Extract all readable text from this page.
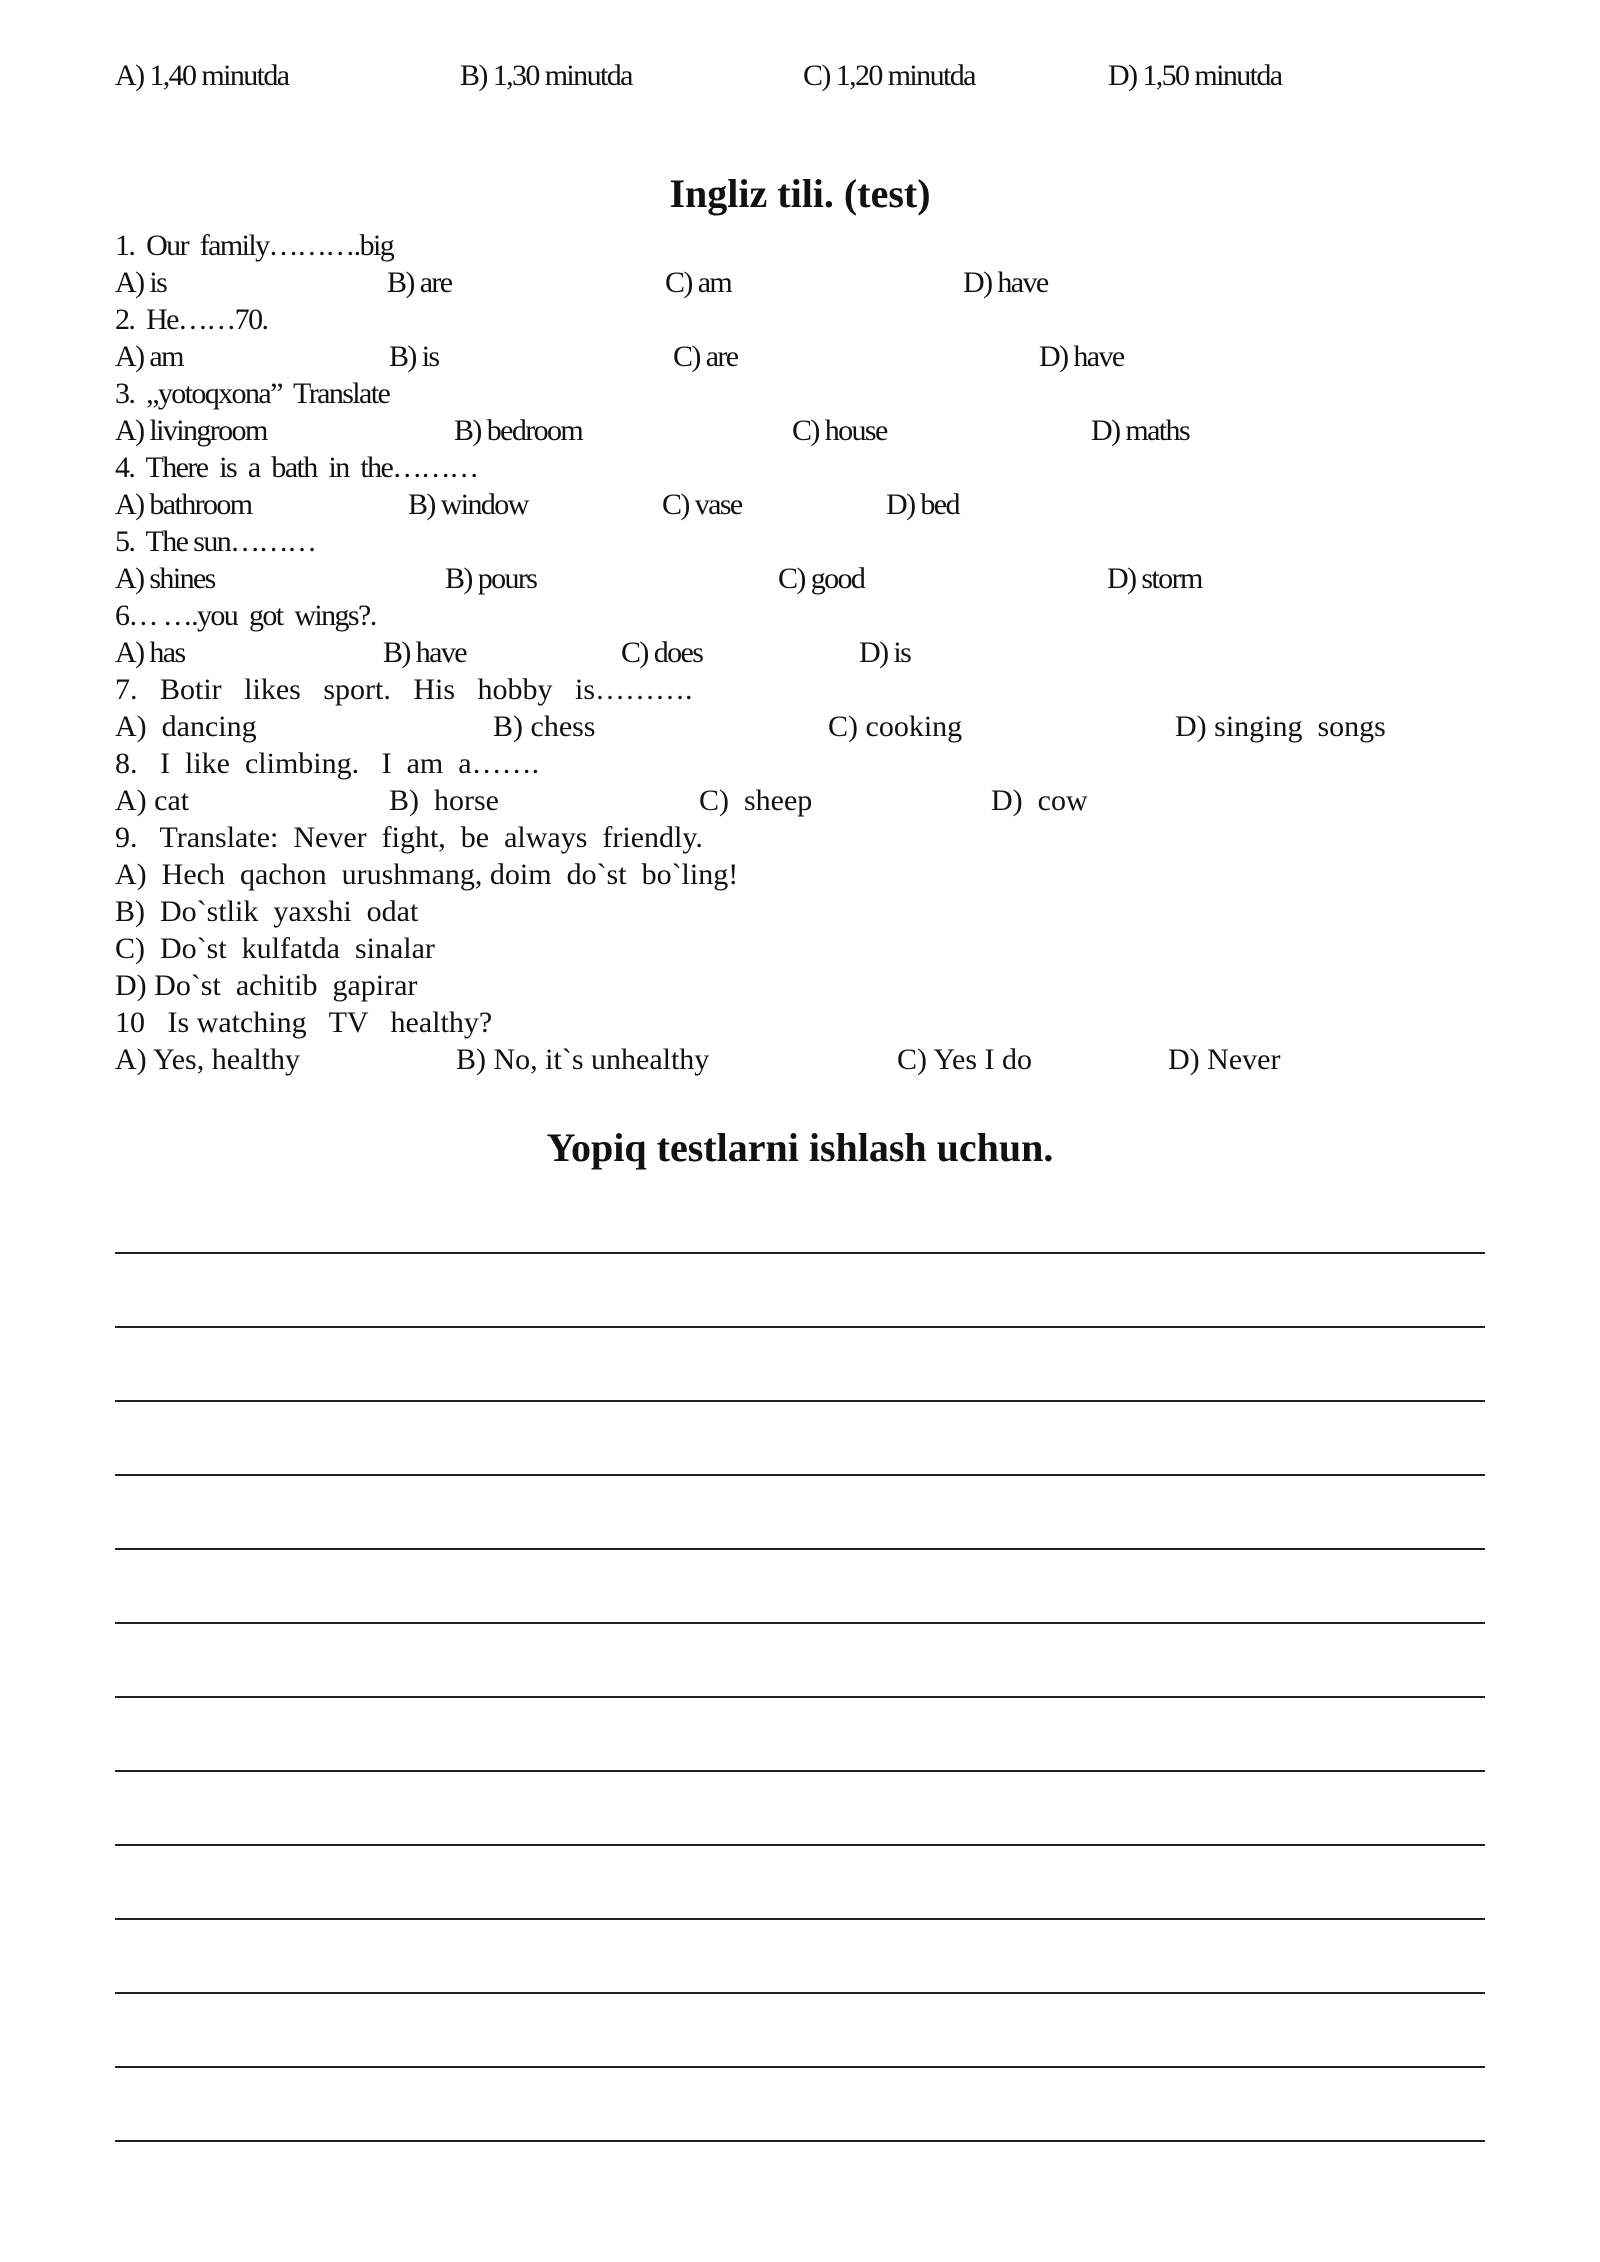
A) 1,40 minutda

	B) 1,30 minutda

	C) 1,20 minutda

	D) 1,50 minutda

Ingliz tili. (test)

1.  Our  family……….big

A) is

	B) are

	C) am

	D) have

2.  He……70.

A) am

	B) is

	C) are

	D) have

3.  „yotoqxona”  Translate

A) livingroom

	B) bedroom

	C) house

	D) maths

4.  There  is  a  bath  in  the………

A) bathroom

	B) window

	C) vase

	D) bed

5.  The sun………

A) shines

	B) pours

	C) good

	D) storm

6… ….you  got  wings?.

A) has

	B) have

	C) does

	D) is

7.   Botir   likes   sport.   His   hobby   is……….

A)  dancing

	B) chess

	C) cooking

	D) singing  songs

8.   I  like  climbing.   I  am  a…….

A) cat

	B)  horse

	C)  sheep

	D)  cow

9.   Translate:  Never  fight,  be  always  friendly.

A)  Hech  qachon  urushmang, doim  do`st  bo`ling!

B)  Do`stlik  yaxshi  odat

C)  Do`st  kulfatda  sinalar

D) Do`st  achitib  gapirar

10   Is watching   TV   healthy?

A) Yes, healthy

	B) No, it`s unhealthy

	C) Yes I do

	D) Never

Yopiq testlarni ishlash uchun.
